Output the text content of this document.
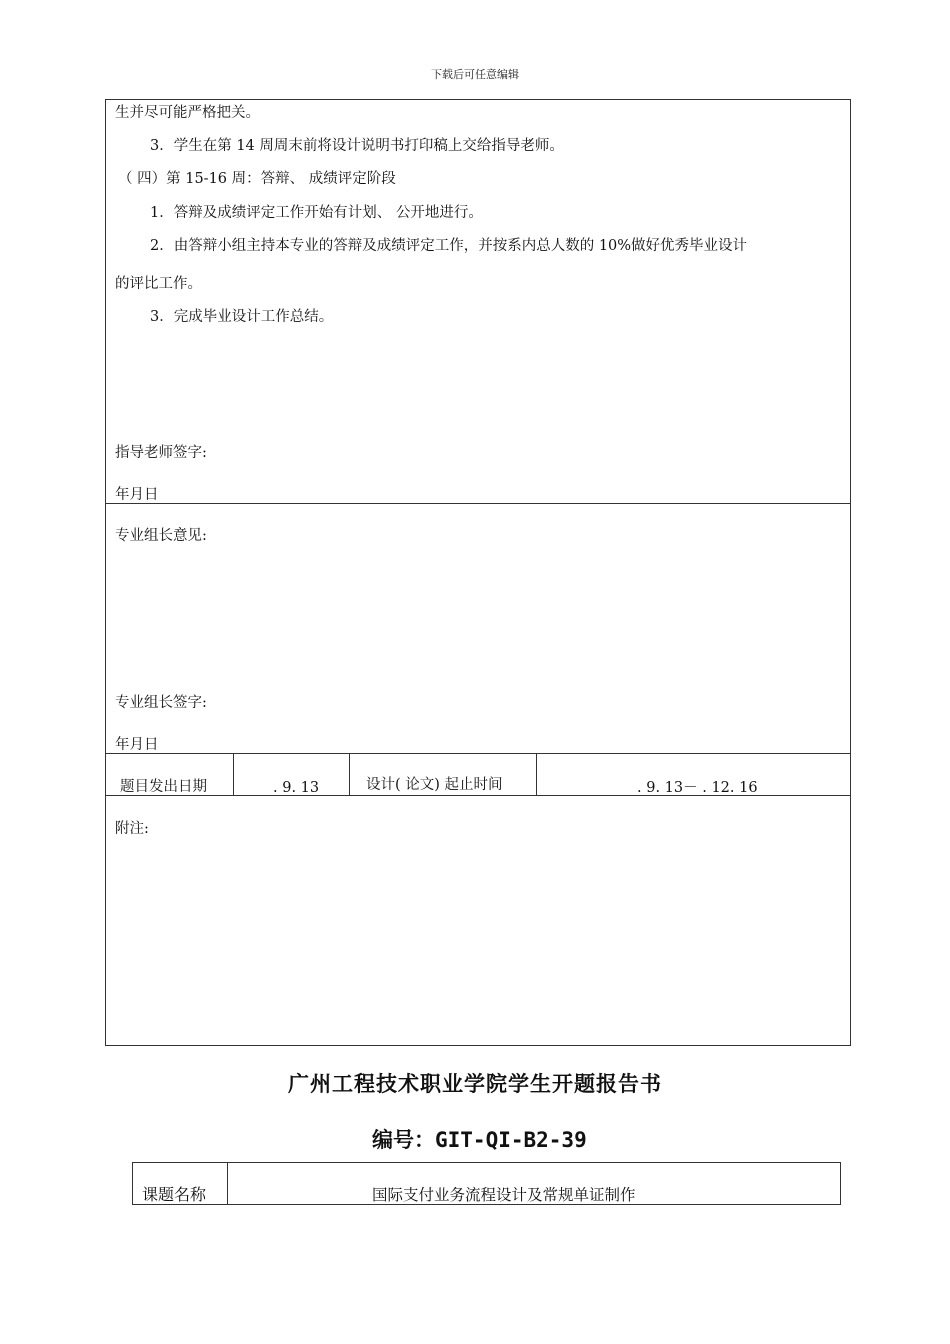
下载后可任意编辑
生并尽可能严格把关。
3．学生在第 14 周周末前将设计说明书打印稿上交给指导老师。
（ 四）第 15-16 周：答辩、 成绩评定阶段
1．答辩及成绩评定工作开始有计划、 公开地进行。
2．由答辩小组主持本专业的答辩及成绩评定工作，并按系内总人数的 10%做好优秀毕业设计
的评比工作。
3．完成毕业设计工作总结。
指导老师签字:
年月日
专业组长意见:
专业组长签字:
年月日
题目发出日期	. 9. 13	设计( 论文) 起止时间	. 9. 13－ . 12. 16
附注:
广州工程技术职业学院学生开题报告书
编号：GIT-QI-B2-39
课题名称	国际支付业务流程设计及常规单证制作
